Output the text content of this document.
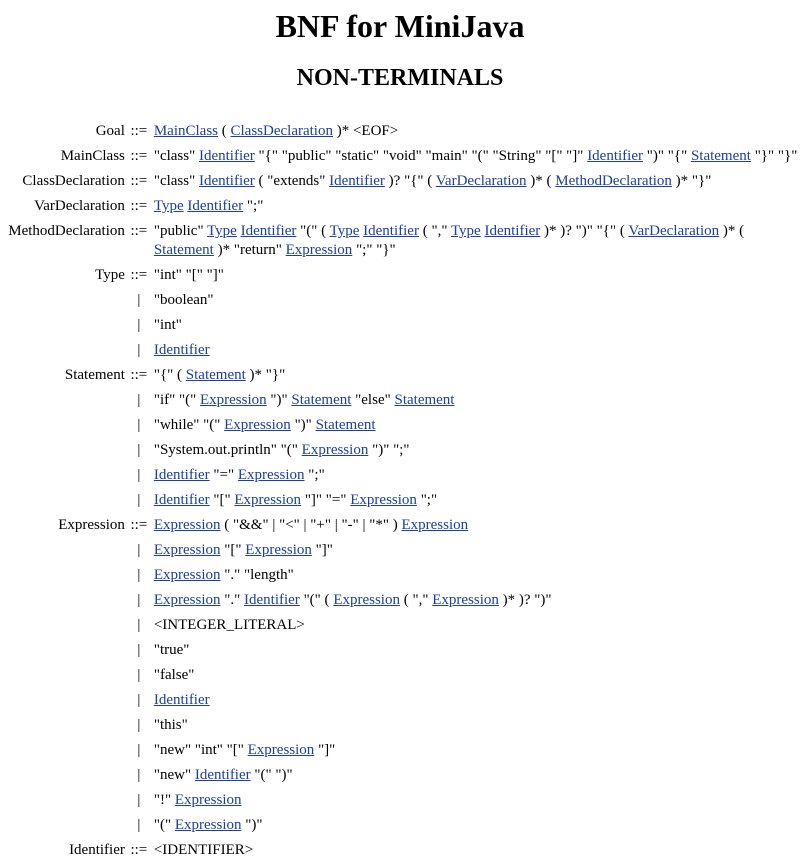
BNF for MiniJava
NON-TERMINALS
Goal	::=	MainClass ( ClassDeclaration )* <EOF>
MainClass	::=	"class" Identifier "{" "public" "static" "void" "main" "(" "String" "[" "]" Identifier ")" "{" Statement "}" "}"
ClassDeclaration	::=	"class" Identifier ( "extends" Identifier )? "{" ( VarDeclaration )* ( MethodDeclaration )* "}"
VarDeclaration	::=	Type Identifier ";"
MethodDeclaration	::=	"public" Type Identifier "(" ( Type Identifier ( "," Type Identifier )* )? ")" "{" ( VarDeclaration )* (
Statement )* "return" Expression ";" "}"
Type	::=	"int" "[" "]"
	|	"boolean"
	|	"int"
	|	Identifier
Statement	::=	"{" ( Statement )* "}"
	|	"if" "(" Expression ")" Statement "else" Statement
	|	"while" "(" Expression ")" Statement
	|	"System.out.println" "(" Expression ")" ";"
	|	Identifier "=" Expression ";"
	|	Identifier "[" Expression "]" "=" Expression ";"
Expression	::=	Expression ( "&&" | "<" | "+" | "-" | "*" ) Expression
	|	Expression "[" Expression "]"
	|	Expression "." "length"
	|	Expression "." Identifier "(" ( Expression ( "," Expression )* )? ")"
	|	<INTEGER_LITERAL>
	|	"true"
	|	"false"
	|	Identifier
	|	"this"
	|	"new" "int" "[" Expression "]"
	|	"new" Identifier "(" ")"
	|	"!" Expression
	|	"(" Expression ")"
Identifier	::=	<IDENTIFIER>
